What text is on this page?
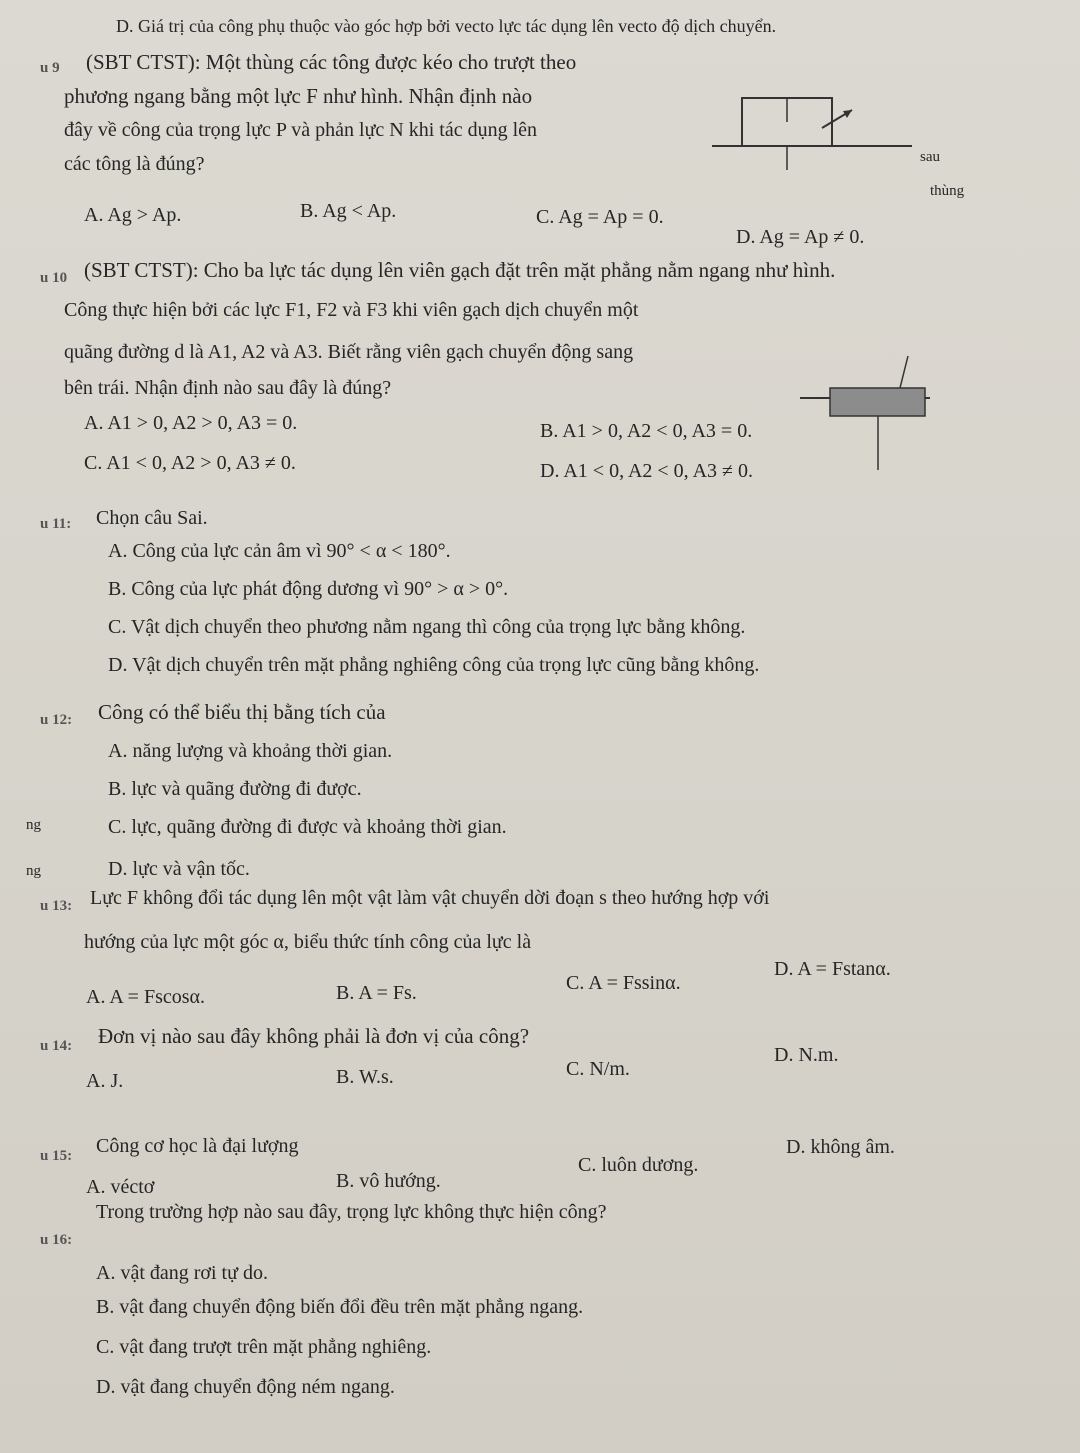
D. Giá trị của công phụ thuộc vào góc hợp bởi vecto lực tác dụng lên vecto độ dịch chuyển.
u 9 (SBT CTST): Một thùng các tông được kéo cho trượt theo
phương ngang bằng một lực F như hình. Nhận định nào
đây về công của trọng lực P và phản lực N khi tác dụng lên
các tông là đúng?	sau
thùng
A. Ag > Ap.	B. Ag < Ap.	C. Ag = Ap = 0.
D. Ag = Ap ≠ 0.
u 10 (SBT CTST): Cho ba lực tác dụng lên viên gạch đặt trên mặt phẳng nằm ngang như hình.
Công thực hiện bởi các lực F1, F2 và F3 khi viên gạch dịch chuyển một
quãng đường d là A1, A2 và A3. Biết rằng viên gạch chuyển động sang
bên trái. Nhận định nào sau đây là đúng?
A. A1 > 0, A2 > 0, A3 = 0.	B. A1 > 0, A2 < 0, A3 = 0.
C. A1 < 0, A2 > 0, A3 ≠ 0.	D. A1 < 0, A2 < 0, A3 ≠ 0.
u 11: Chọn câu Sai.
A. Công của lực cản âm vì 90° < α < 180°.
B. Công của lực phát động dương vì 90° > α > 0°.
C. Vật dịch chuyển theo phương nằm ngang thì công của trọng lực bằng không.
D. Vật dịch chuyển trên mặt phẳng nghiêng công của trọng lực cũng bằng không.
u 12: Công có thể biểu thị bằng tích của
A. năng lượng và khoảng thời gian.
B. lực và quãng đường đi được.
ng	C. lực, quãng đường đi được và khoảng thời gian.
ng	D. lực và vận tốc.
u 13: Lực F không đổi tác dụng lên một vật làm vật chuyển dời đoạn s theo hướng hợp với
hướng của lực một góc α, biểu thức tính công của lực là
A. A = Fscosα.	B. A = Fs.	C. A = Fssinα.
D. A = Fstanα.
u 14: Đơn vị nào sau đây không phải là đơn vị của công?
A. J.	B. W.s.	C. N/m.
D. N.m.
u 15: Công cơ học là đại lượng
A. véctơ	B. vô hướng.
C. luôn dương.
D. không âm.
u 16:
Trong trường hợp nào sau đây, trọng lực không thực hiện công?
A. vật đang rơi tự do.
B. vật đang chuyển động biến đổi đều trên mặt phẳng ngang.
C. vật đang trượt trên mặt phẳng nghiêng.
D. vật đang chuyển động ném ngang.
